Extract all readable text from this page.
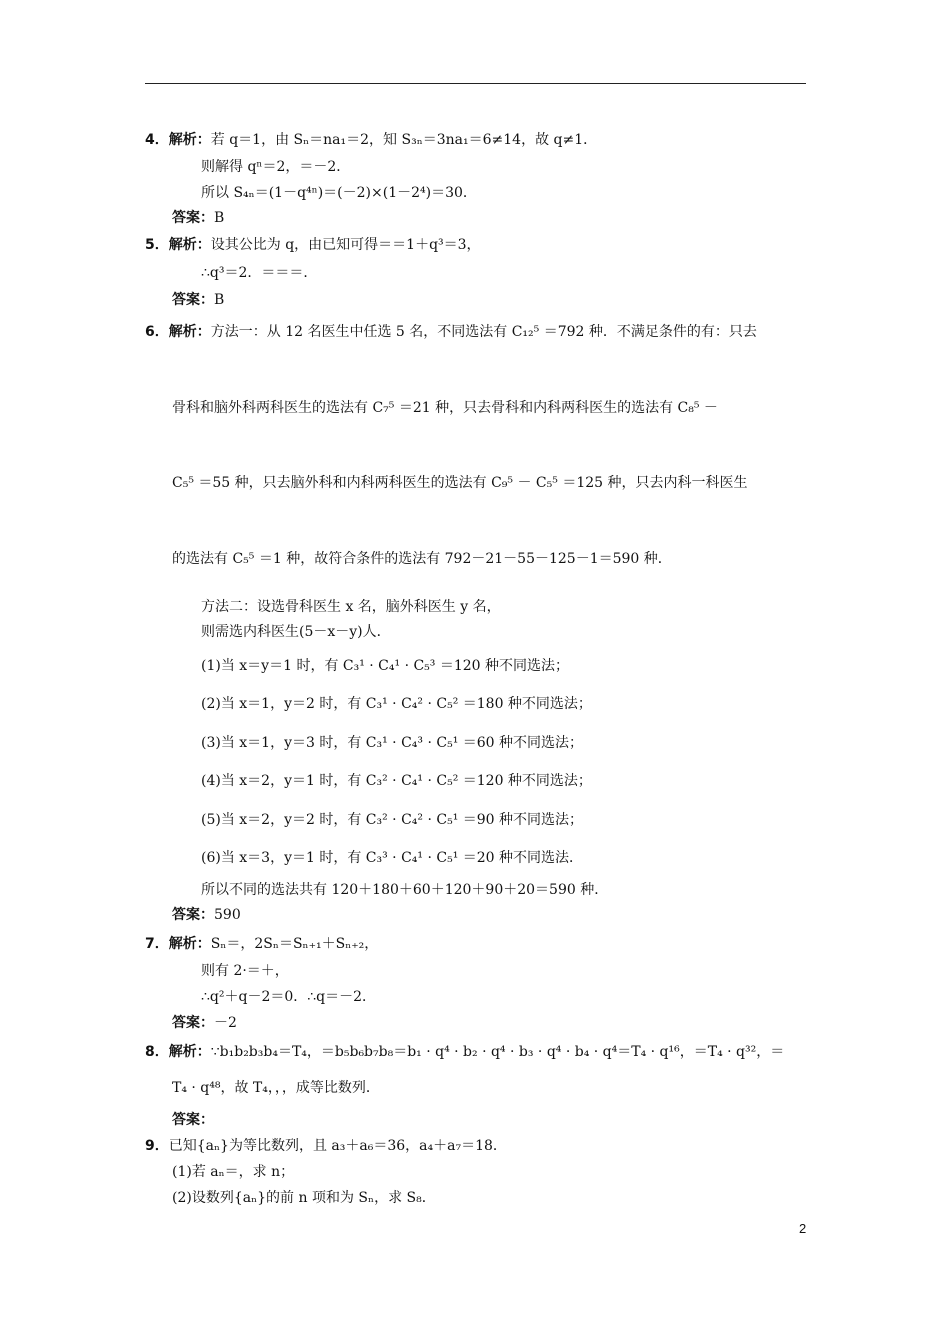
4．解析：若 q＝1，由 Sₙ＝na₁＝2，知 S₃ₙ＝3na₁＝6≠14，故 q≠1．
则解得 qⁿ＝2，＝－2．
所以 S₄ₙ＝(1－q⁴ⁿ)＝(－2)×(1－2⁴)＝30．
答案：B
5．解析：设其公比为 q，由已知可得＝＝1＋q³＝3，
∴q³＝2．＝＝＝．
答案：B
6．解析：方法一：从 12 名医生中任选 5 名，不同选法有 C₁₂⁵ ＝792 种．不满足条件的有：只去
骨科和脑外科两科医生的选法有 C₇⁵ ＝21 种，只去骨科和内科两科医生的选法有 C₈⁵ －
C₅⁵ ＝55 种，只去脑外科和内科两科医生的选法有 C₉⁵ － C₅⁵ ＝125 种，只去内科一科医生
的选法有 C₅⁵ ＝1 种，故符合条件的选法有 792－21－55－125－1＝590 种．
方法二：设选骨科医生 x 名，脑外科医生 y 名，
则需选内科医生(5－x－y)人．
(1)当 x＝y＝1 时，有 C₃¹ · C₄¹ · C₅³ ＝120 种不同选法；
(2)当 x＝1，y＝2 时，有 C₃¹ · C₄² · C₅² ＝180 种不同选法；
(3)当 x＝1，y＝3 时，有 C₃¹ · C₄³ · C₅¹ ＝60 种不同选法；
(4)当 x＝2，y＝1 时，有 C₃² · C₄¹ · C₅² ＝120 种不同选法；
(5)当 x＝2，y＝2 时，有 C₃² · C₄² · C₅¹ ＝90 种不同选法；
(6)当 x＝3，y＝1 时，有 C₃³ · C₄¹ · C₅¹ ＝20 种不同选法．
所以不同的选法共有 120＋180＋60＋120＋90＋20＝590 种．
答案：590
7．解析：Sₙ＝，2Sₙ＝Sₙ₊₁＋Sₙ₊₂，
则有 2·＝＋，
∴q²＋q－2＝0．∴q＝－2．
答案：－2
8．解析：∵b₁b₂b₃b₄＝T₄，＝b₅b₆b₇b₈＝b₁ · q⁴ · b₂ · q⁴ · b₃ · q⁴ · b₄ · q⁴＝T₄ · q¹⁶，＝T₄ · q³²，＝
T₄ · q⁴⁸，故 T₄，，，成等比数列．
答案：
9．已知{aₙ}为等比数列，且 a₃＋a₆＝36，a₄＋a₇＝18．
(1)若 aₙ＝，求 n；
(2)设数列{aₙ}的前 n 项和为 Sₙ，求 S₈．
2
